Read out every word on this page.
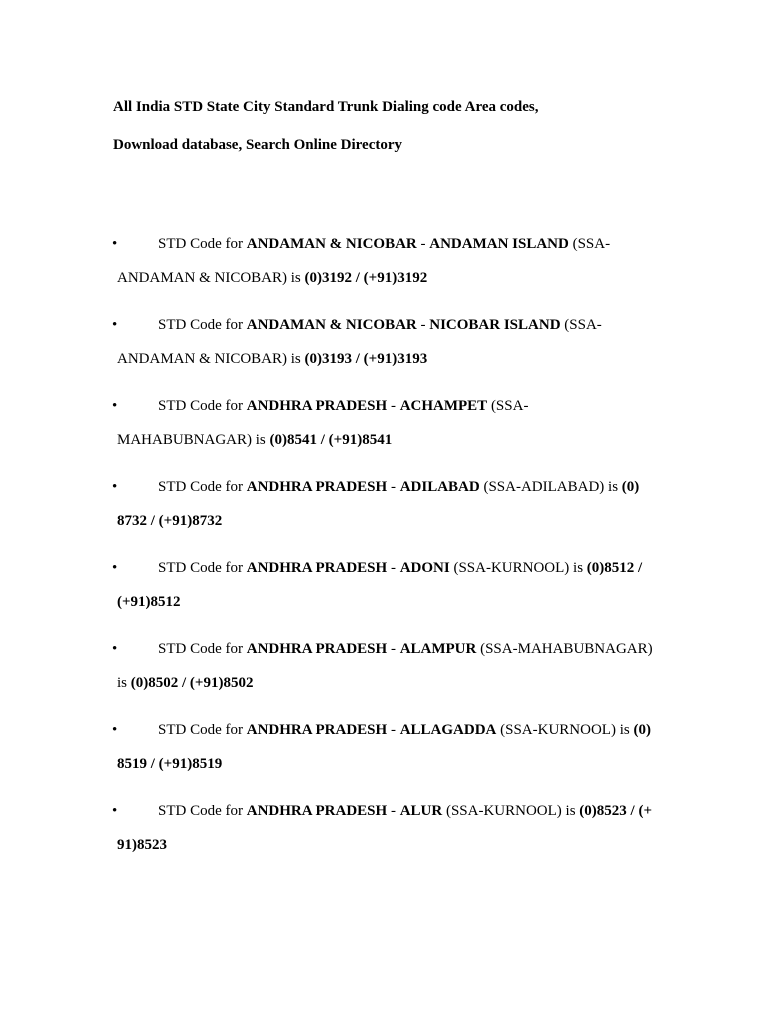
All India STD State City Standard Trunk Dialing code Area codes,
Download database, Search Online Directory
•	STD Code for ANDAMAN & NICOBAR - ANDAMAN ISLAND (SSA-
ANDAMAN & NICOBAR) is (0)3192 / (+91)3192
•	STD Code for ANDAMAN & NICOBAR - NICOBAR ISLAND (SSA-
ANDAMAN & NICOBAR) is (0)3193 / (+91)3193
•	STD Code for ANDHRA PRADESH - ACHAMPET (SSA-
MAHABUBNAGAR) is (0)8541 / (+91)8541
•	STD Code for ANDHRA PRADESH - ADILABAD (SSA-ADILABAD) is (0)
8732 / (+91)8732
•	STD Code for ANDHRA PRADESH - ADONI (SSA-KURNOOL) is (0)8512 /
(+91)8512
•	STD Code for ANDHRA PRADESH - ALAMPUR (SSA-MAHABUBNAGAR)
is (0)8502 / (+91)8502
•	STD Code for ANDHRA PRADESH - ALLAGADDA (SSA-KURNOOL) is (0)
8519 / (+91)8519
•	STD Code for ANDHRA PRADESH - ALUR (SSA-KURNOOL) is (0)8523 / (+
91)8523
